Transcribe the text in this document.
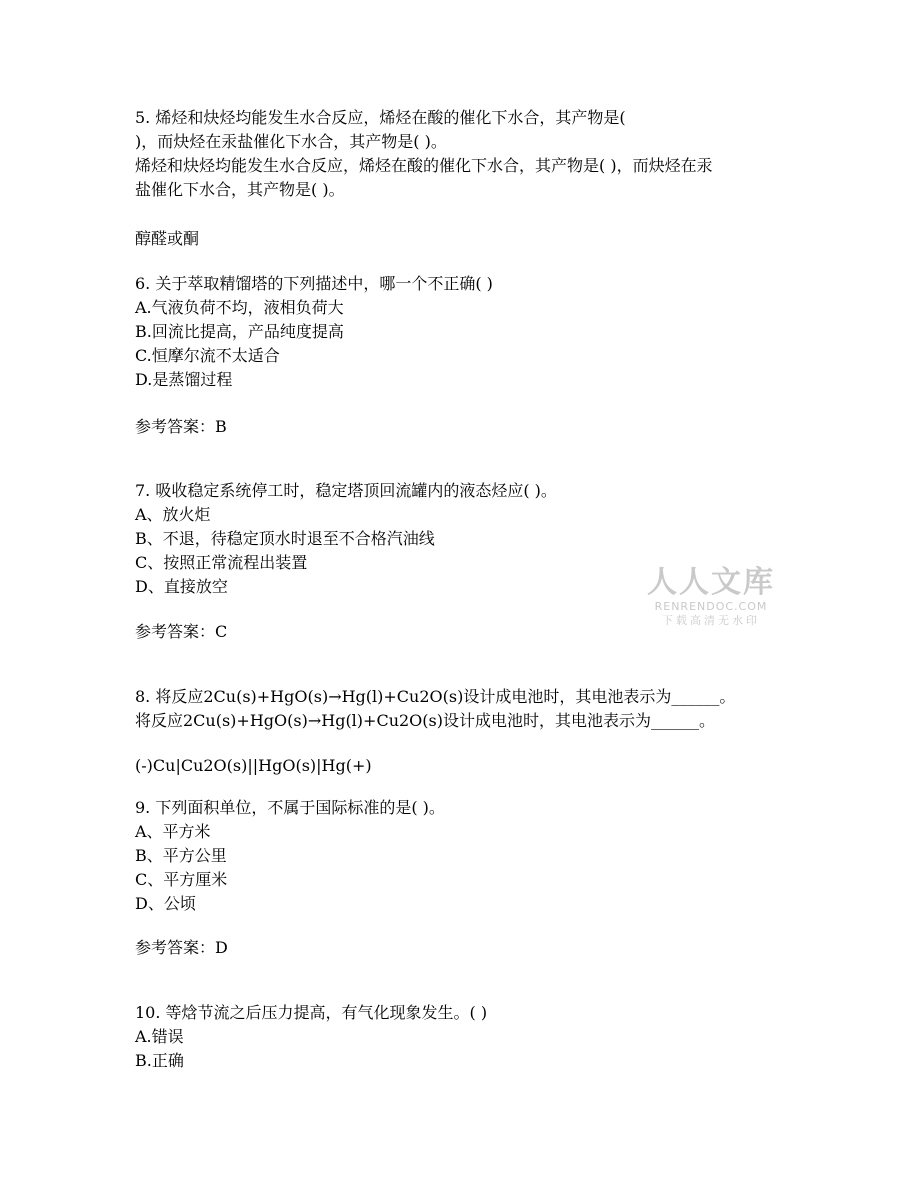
5. 烯烃和炔烃均能发生水合反应，烯烃在酸的催化下水合，其产物是(
)，而炔烃在汞盐催化下水合，其产物是( )。
烯烃和炔烃均能发生水合反应，烯烃在酸的催化下水合，其产物是( )，而炔烃在汞
盐催化下水合，其产物是( )。
醇醛或酮
6. 关于萃取精馏塔的下列描述中，哪一个不正确( )
A.气液负荷不均，液相负荷大
B.回流比提高，产品纯度提高
C.恒摩尔流不太适合
D.是蒸馏过程
参考答案：B
7. 吸收稳定系统停工时，稳定塔顶回流罐内的液态烃应( )。
A、放火炬
B、不退，待稳定顶水时退至不合格汽油线
C、按照正常流程出装置
D、直接放空
参考答案：C
8. 将反应2Cu(s)+HgO(s)→Hg(l)+Cu2O(s)设计成电池时，其电池表示为______。
将反应2Cu(s)+HgO(s)→Hg(l)+Cu2O(s)设计成电池时，其电池表示为______。
(-)Cu|Cu2O(s)||HgO(s)|Hg(+)
9. 下列面积单位，不属于国际标准的是( )。
A、平方米
B、平方公里
C、平方厘米
D、公顷
参考答案：D
10. 等焓节流之后压力提高，有气化现象发生。( )
A.错误
B.正确
人人文库
RENRENDOC.COM
下载高清无水印
